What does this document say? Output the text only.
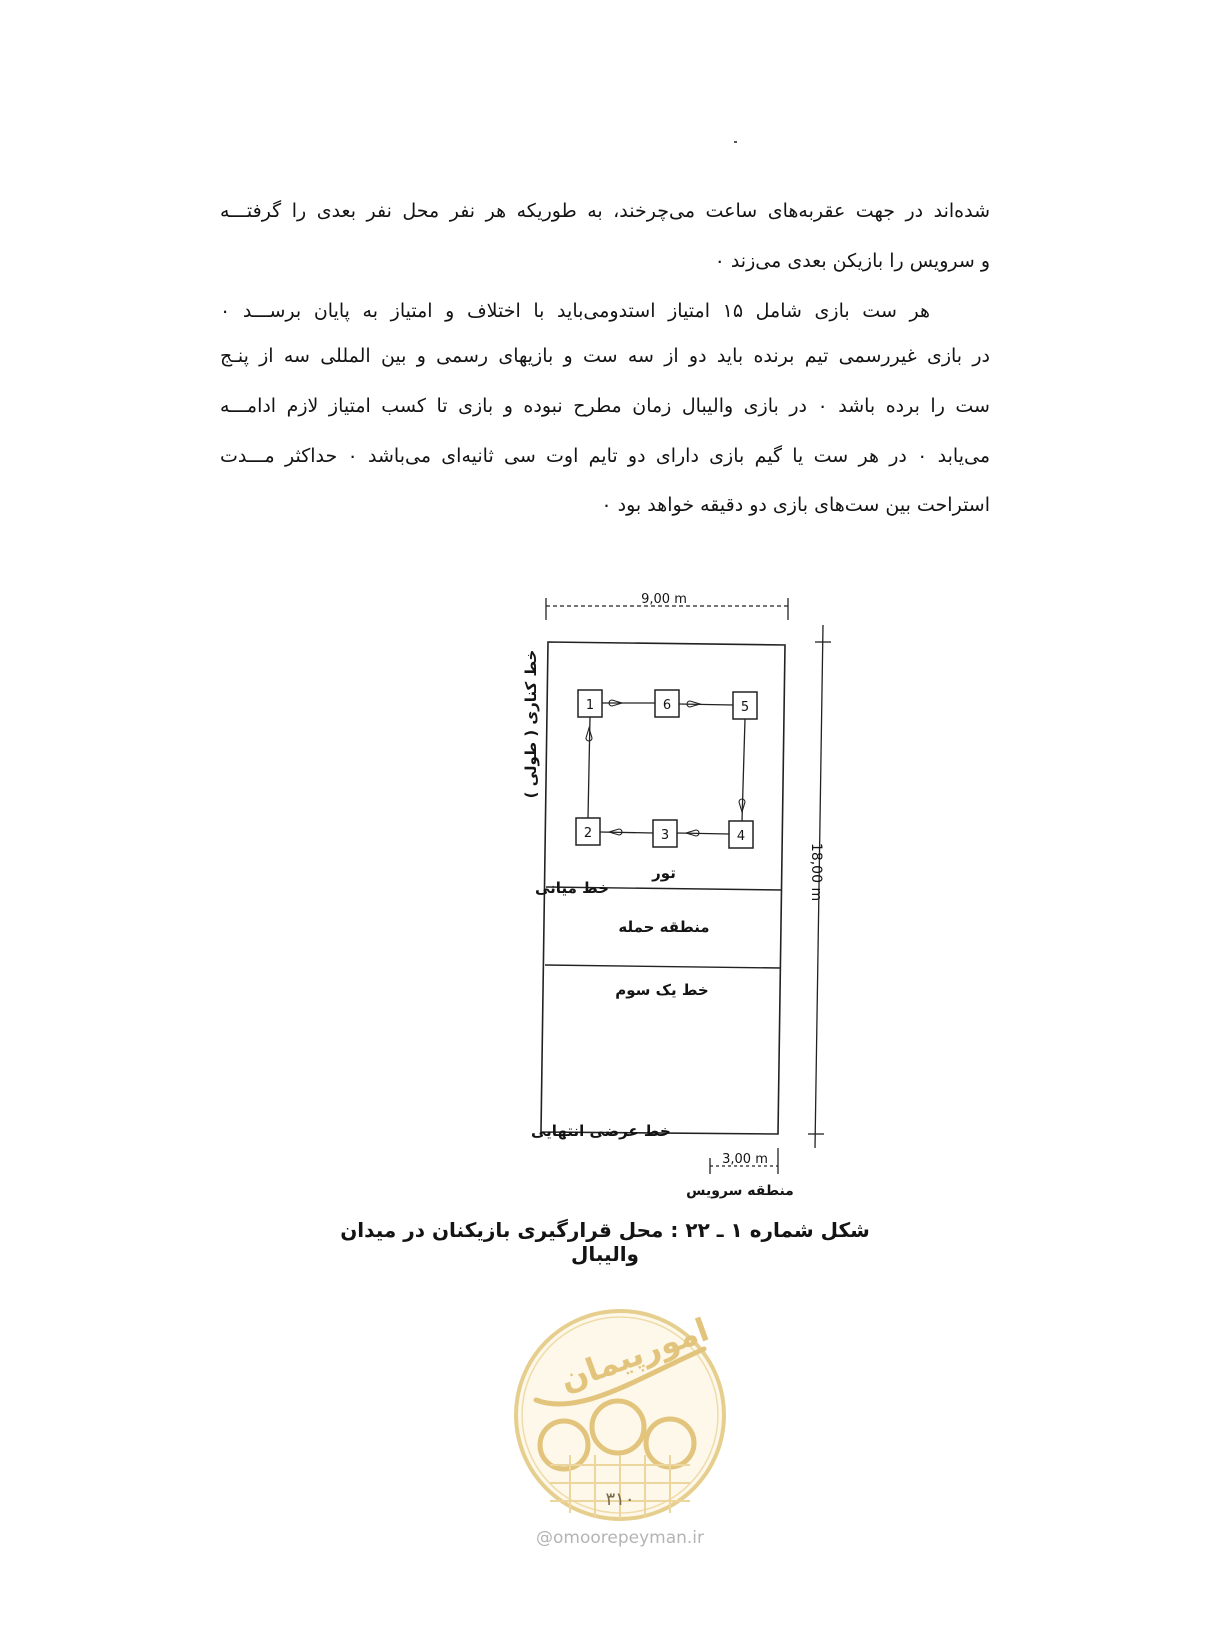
شده‌اند در جهت عقربه‌های ساعت می‌چرخند، به طوریکه هر نفر محل نفر بعدی را گرفتـــه
و سرویس را بازیکن بعدی می‌زند ۰
هر ست بازی شامل ۱۵ امتیاز استدومی‌باید با اختلاف و امتیاز به پایان برســـد ۰
در بازی غیررسمی تیم برنده باید دو از سه ست و بازیهای رسمی و بین المللی سه از پنـج
ست را برده باشد ۰ در بازی والیبال زمان مطرح نبوده و بازی تا کسب امتیاز لازم ادامـــه
می‌یابد ۰ در هر ست یا گیم بازی دارای دو تایم اوت سی ثانیه‌ای می‌باشد ۰ حداکثر مـــدت
استراحت بین ست‌های بازی دو دقیقه خواهد بود ۰
9,00 m
18,00 m
1	6	5
2	3	4
خط کناری ( طولی )
تور
خط میانی
منطقه حمله
خط یک سوم
خط عرضی انتهایی
3,00 m
منطقه سرویس
شکل شماره ۱ ـ ۲۲ : محل قرارگیری بازیکنان در میدان والیبال
امورپیمان
۳۱۰
@omoorepeyman.ir
